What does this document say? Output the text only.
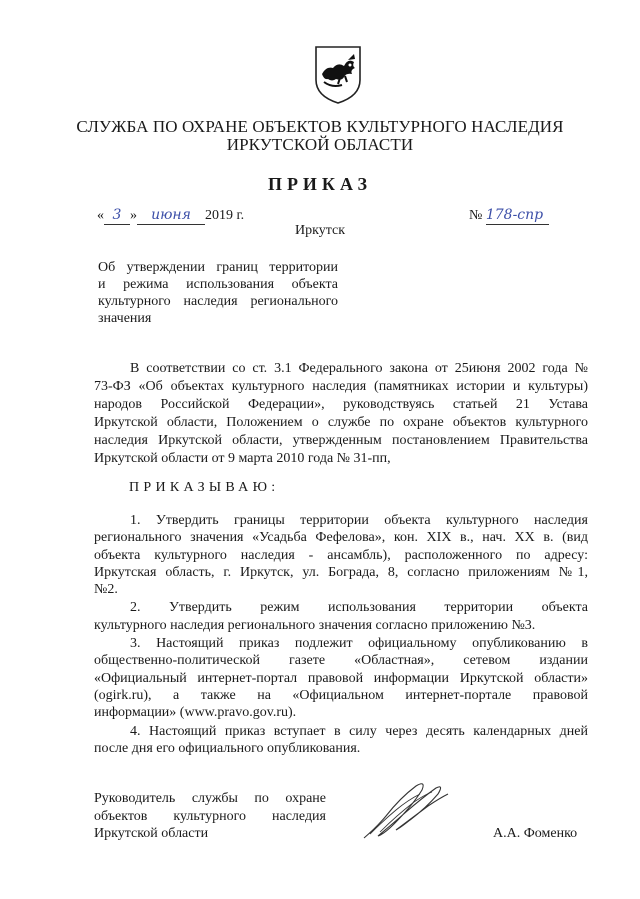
СЛУЖБА ПО ОХРАНЕ ОБЪЕКТОВ КУЛЬТУРНОГО НАСЛЕДИЯ
ИРКУТСКОЙ ОБЛАСТИ
ПРИКАЗ
« 3 » июня 2019 г.	№ 178-спр
Иркутск
Об утверждении границ территории
и режима использования объекта
культурного наследия регионального
значения
В соответствии со ст. 3.1 Федерального закона от 25июня 2002 года №
73-ФЗ «Об объектах культурного наследия (памятниках истории и культуры)
народов Российской Федерации», руководствуясь статьей 21 Устава
Иркутской области, Положением о службе по охране объектов культурного
наследия Иркутской области, утвержденным постановлением Правительства
Иркутской области от 9 марта 2010 года № 31-пп,
ПРИКАЗЫВАЮ:
1. Утвердить границы территории объекта культурного наследия
регионального значения «Усадьба Фефелова», кон. XIX в., нач. XX в. (вид
объекта культурного наследия - ансамбль), расположенного по адресу:
Иркутская область, г. Иркутск, ул. Бограда, 8, согласно приложениям №1,
№2.
2. Утвердить режим использования территории объекта
культурного наследия регионального значения согласно приложению №3.
3. Настоящий приказ подлежит официальному опубликованию в
общественно-политической газете «Областная», сетевом издании
«Официальный интернет-портал правовой информации Иркутской области»
(ogirk.ru), а также на «Официальном интернет-портале правовой
информации» (www.pravo.gov.ru).
4. Настоящий приказ вступает в силу через десять календарных дней
после дня его официального опубликования.
Руководитель службы по охране
объектов культурного наследия
Иркутской области	А.А. Фоменко
